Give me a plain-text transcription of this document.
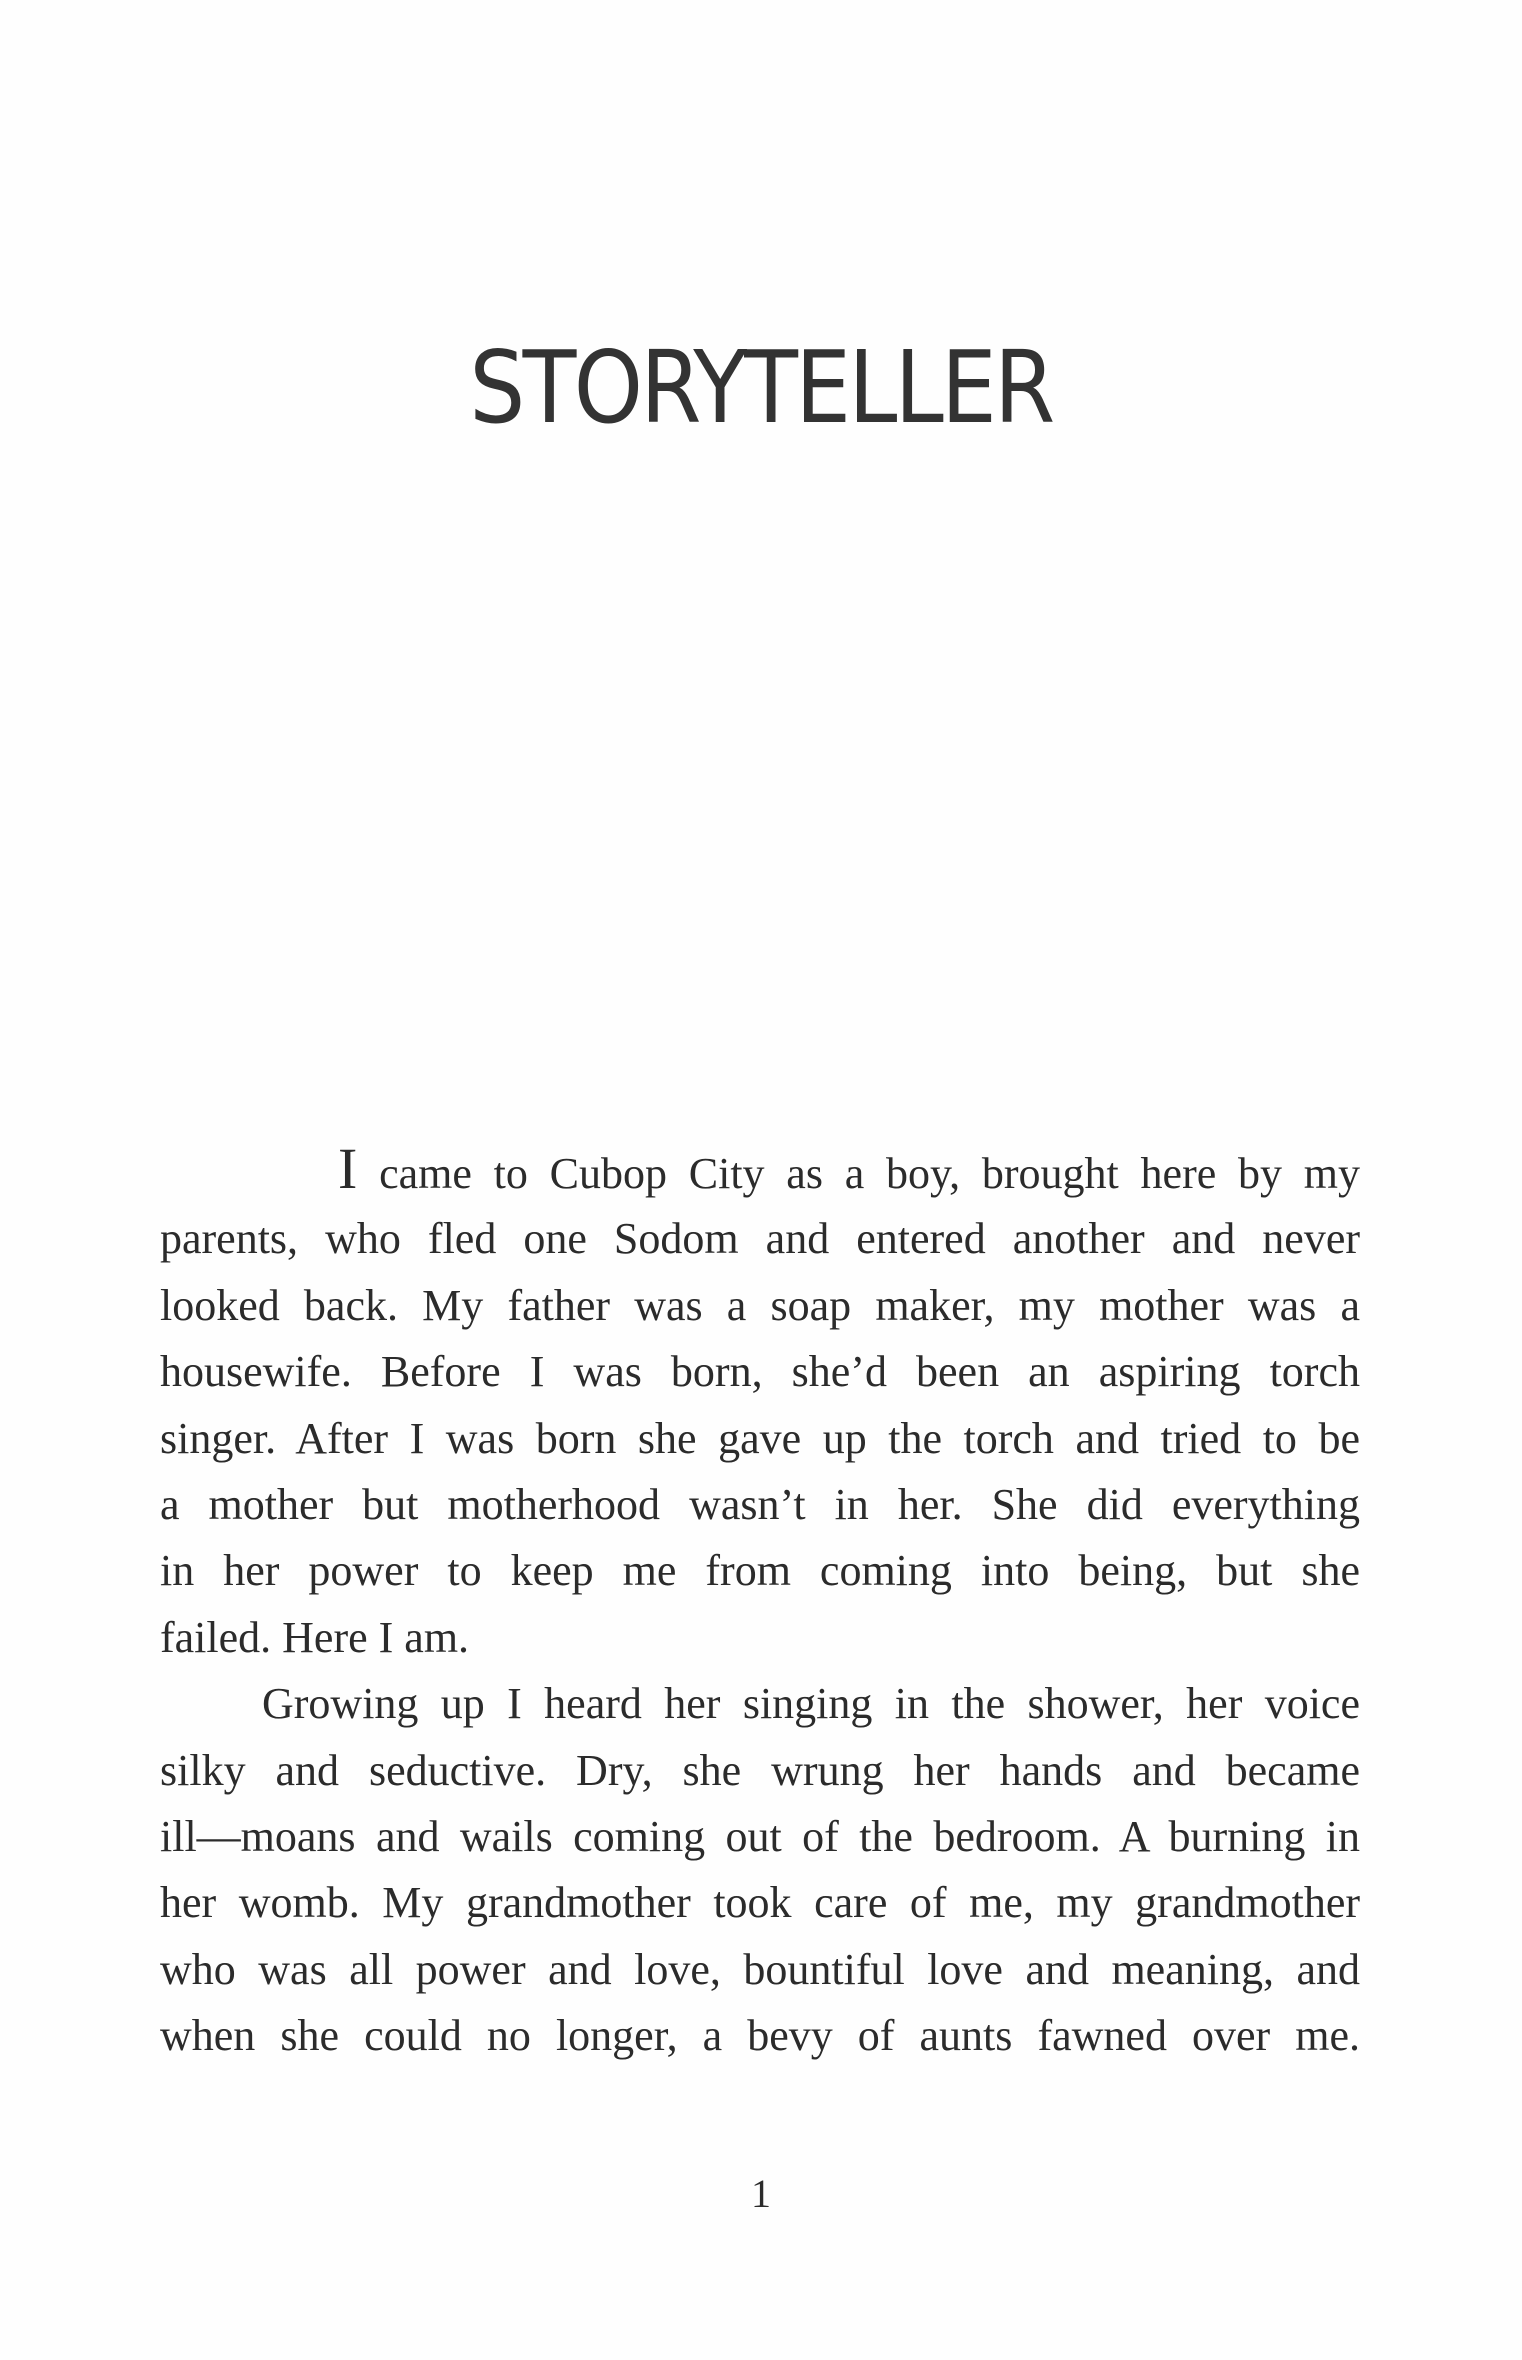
STORYTELLER

I came to Cubop City as a boy, brought here by my
parents, who fled one Sodom and entered another and never
looked back. My father was a soap maker, my mother was a
housewife. Before I was born, she’d been an aspiring torch
singer. After I was born she gave up the torch and tried to be
a mother but motherhood wasn’t in her. She did everything
in her power to keep me from coming into being, but she
failed. Here I am.

Growing up I heard her singing in the shower, her voice
silky and seductive. Dry, she wrung her hands and became
ill—moans and wails coming out of the bedroom. A burning in
her womb. My grandmother took care of me, my grandmother
who was all power and love, bountiful love and meaning, and
when she could no longer, a bevy of aunts fawned over me.

1
